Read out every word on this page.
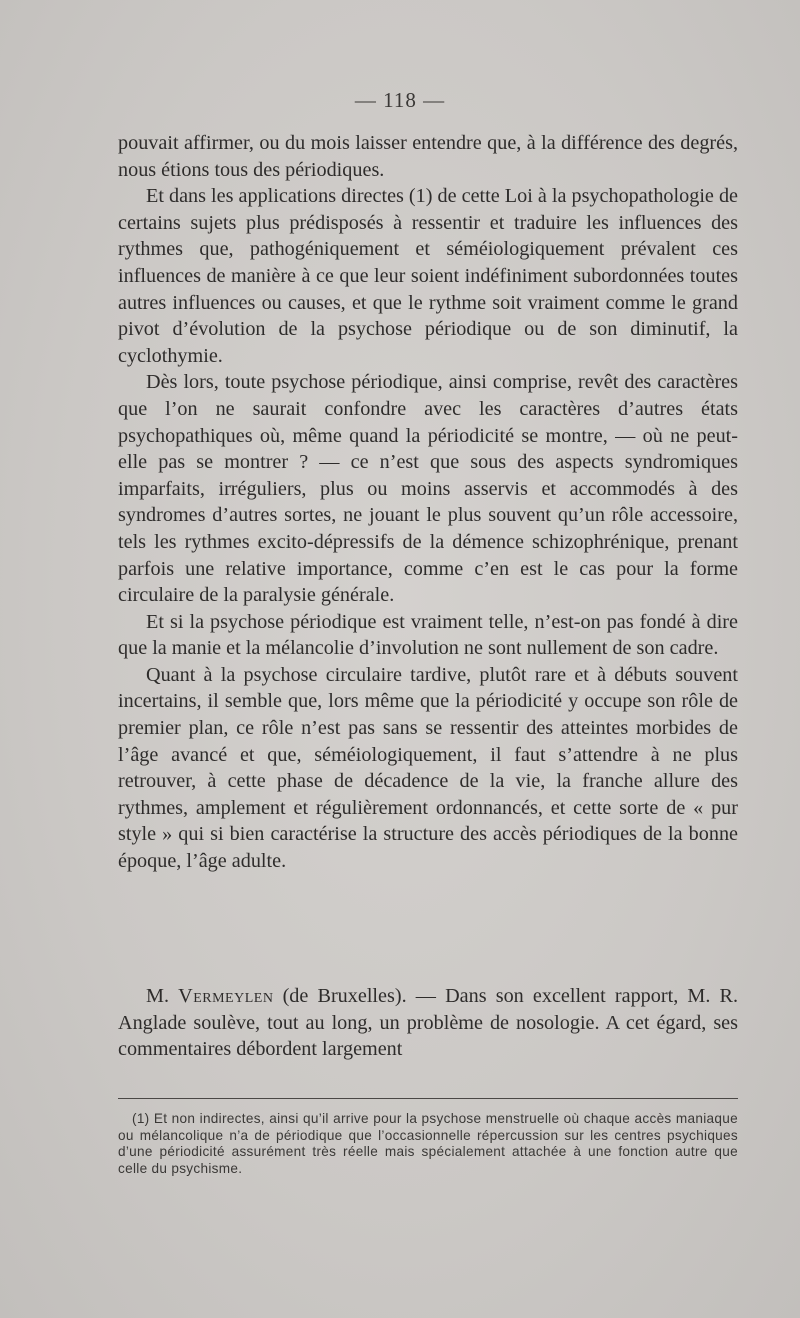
— 118 —

pouvait affirmer, ou du mois laisser entendre que, à la différence des degrés, nous étions tous des périodiques.

Et dans les applications directes (1) de cette Loi à la psychopathologie de certains sujets plus prédisposés à ressentir et traduire les influences des rythmes que, pathogéniquement et séméiologiquement prévalent ces influences de manière à ce que leur soient indéfiniment subordonnées toutes autres influences ou causes, et que le rythme soit vraiment comme le grand pivot d’évolution de la psychose périodique ou de son diminutif, la cyclothymie.

Dès lors, toute psychose périodique, ainsi comprise, revêt des caractères que l’on ne saurait confondre avec les caractères d’autres états psychopathiques où, même quand la périodicité se montre, — où ne peut-elle pas se montrer ? — ce n’est que sous des aspects syndromiques imparfaits, irréguliers, plus ou moins asservis et accommodés à des syndromes d’autres sortes, ne jouant le plus souvent qu’un rôle accessoire, tels les rythmes excito-dépressifs de la démence schizophrénique, prenant parfois une relative importance, comme c’en est le cas pour la forme circulaire de la paralysie générale.

Et si la psychose périodique est vraiment telle, n’est-on pas fondé à dire que la manie et la mélancolie d’involution ne sont nullement de son cadre.

Quant à la psychose circulaire tardive, plutôt rare et à débuts souvent incertains, il semble que, lors même que la périodicité y occupe son rôle de premier plan, ce rôle n’est pas sans se ressentir des atteintes morbides de l’âge avancé et que, séméiologiquement, il faut s’attendre à ne plus retrouver, à cette phase de décadence de la vie, la franche allure des rythmes, amplement et régulièrement ordonnancés, et cette sorte de « pur style » qui si bien caractérise la structure des accès périodiques de la bonne époque, l’âge adulte.

M. Vermeylen (de Bruxelles). — Dans son excellent rapport, M. R. Anglade soulève, tout au long, un problème de nosologie. A cet égard, ses commentaires débordent largement

(1) Et non indirectes, ainsi qu’il arrive pour la psychose menstruelle où chaque accès maniaque ou mélancolique n’a de périodique que l’occasionnelle répercussion sur les centres psychiques d’une périodicité assurément très réelle mais spécialement attachée à une fonction autre que celle du psychisme.
